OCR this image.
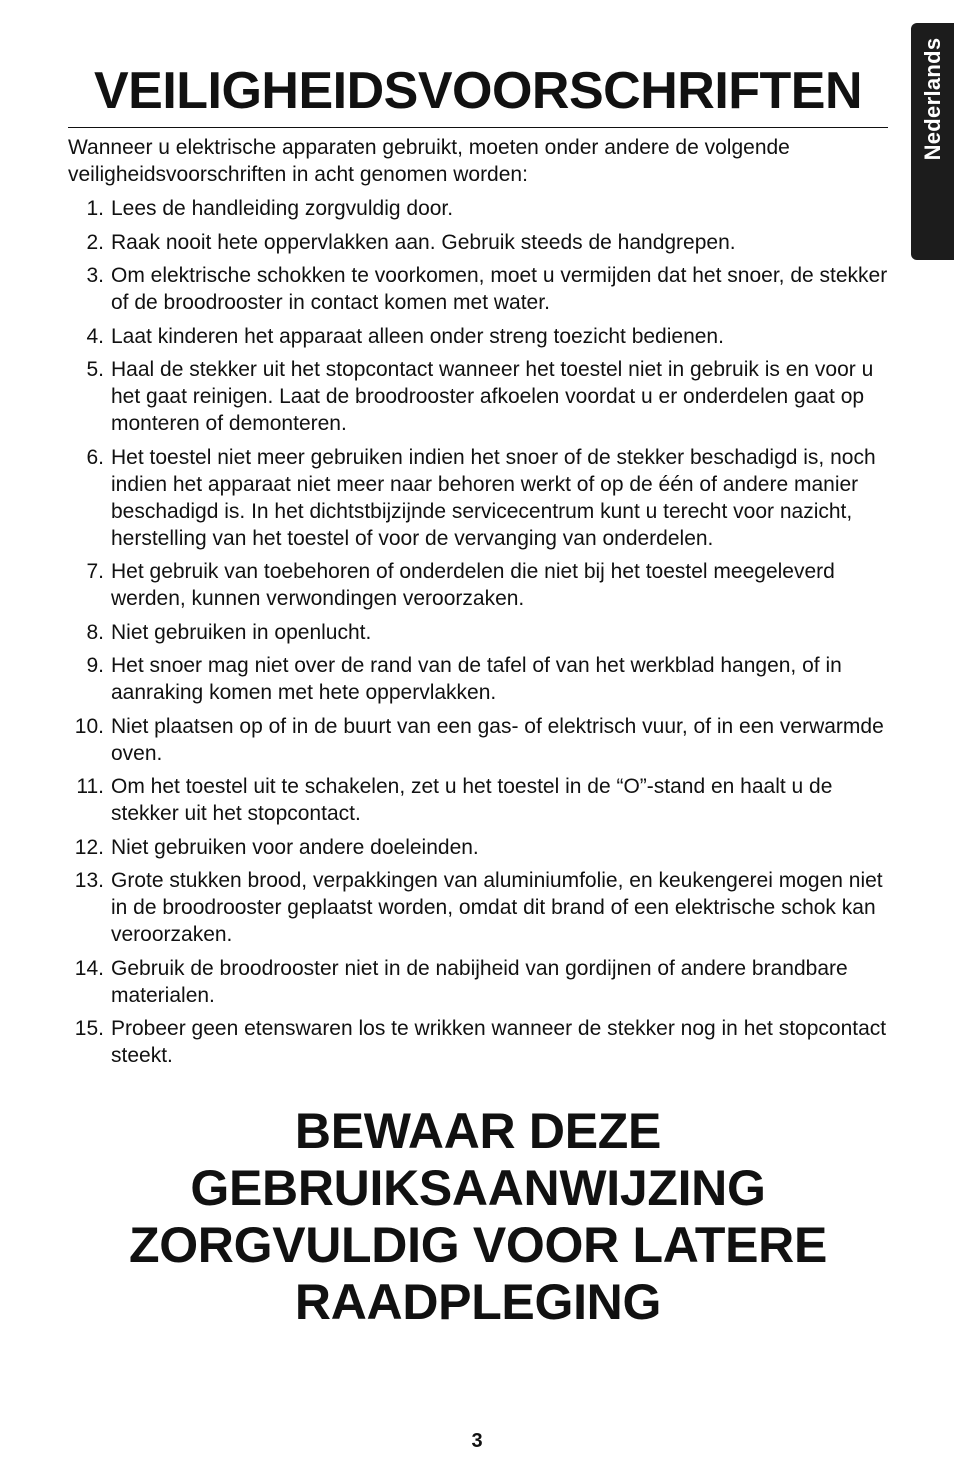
Nederlands
VEILIGHEIDSVOORSCHRIFTEN

Wanneer u elektrische apparaten gebruikt, moeten onder andere de volgende veiligheidsvoorschriften in acht genomen worden:

1. Lees de handleiding zorgvuldig door.
2. Raak nooit hete oppervlakken aan. Gebruik steeds de handgrepen.
3. Om elektrische schokken te voorkomen, moet u vermijden dat het snoer, de stekker of de broodrooster in contact komen met water.
4. Laat kinderen het apparaat alleen onder streng toezicht bedienen.
5. Haal de stekker uit het stopcontact wanneer het toestel niet in gebruik is en voor u het gaat reinigen. Laat de broodrooster afkoelen voordat u er onderdelen gaat op monteren of demonteren.
6. Het toestel niet meer gebruiken indien het snoer of de stekker beschadigd is, noch indien het apparaat niet meer naar behoren werkt of op de één of andere manier beschadigd is. In het dichtstbijzijnde servicecentrum kunt u terecht voor nazicht, herstelling van het toestel of voor de vervanging van onderdelen.
7. Het gebruik van toebehoren of onderdelen die niet bij het toestel meegeleverd werden, kunnen verwondingen veroorzaken.
8. Niet gebruiken in openlucht.
9. Het snoer mag niet over de rand van de tafel of van het werkblad hangen, of in aanraking komen met hete oppervlakken.
10. Niet plaatsen op of in de buurt van een gas- of elektrisch vuur, of in een verwarmde oven.
11. Om het toestel uit te schakelen, zet u het toestel in de “O”-stand en haalt u de stekker uit het stopcontact.
12. Niet gebruiken voor andere doeleinden.
13. Grote stukken brood, verpakkingen van aluminiumfolie, en keukengerei mogen niet in de broodrooster geplaatst worden, omdat dit brand of een elektrische schok kan veroorzaken.
14. Gebruik de broodrooster niet in de nabijheid van gordijnen of andere brandbare materialen.
15. Probeer geen etenswaren los te wrikken wanneer de stekker nog in het stopcontact steekt.
BEWAAR DEZE
GEBRUIKSAANWIJZING
ZORGVULDIG VOOR LATERE
RAADPLEGING
3
